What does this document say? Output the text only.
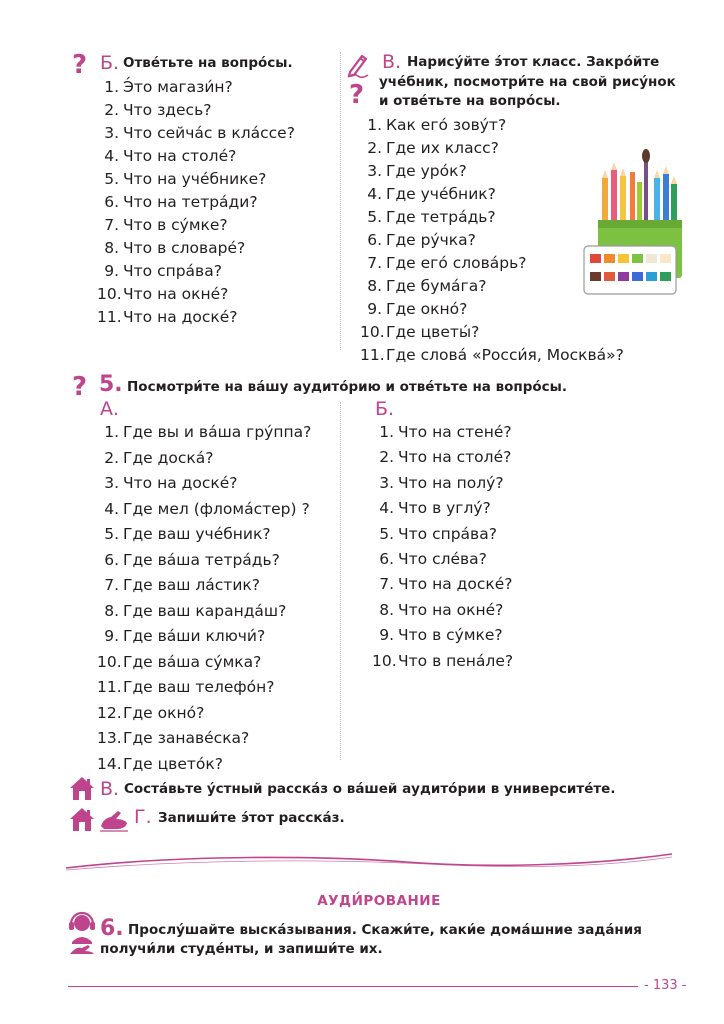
? Б. Отве́тьте на вопро́сы.
1. Э́то магази́н?
2. Что здесь?
3. Что сейча́с в кла́ссе?
4. Что на столе́?
5. Что на уче́бнике?
6. Что на тетра́ди?
7. Что в су́мке?
8. Что в словаре́?
9. Что спра́ва?
10.Что на окне́?
11.Что на доске́?
?
В. Нарису́йте э́тот класс. Закро́йте
уче́бник, посмотри́те на свой рису́нок
и отве́тьте на вопро́сы.
1. Как его́ зову́т?
2. Где их класс?
3. Где уро́к?
4. Где уче́бник?
5. Где тетра́дь?
6. Где ру́чка?
7. Где его́ слова́рь?
8. Где бума́га?
9. Где окно́?
10.Где цветы́?
11.Где слова́ «Росси́я, Москва́»?
? 5. Посмотри́те на ва́шу аудито́рию и отве́тьте на вопро́сы.
А.
1. Где вы и ва́ша гру́ппа?
2. Где доска́?
3. Что на доске́?
4. Где мел (флома́стер) ?
5. Где ваш уче́бник?
6. Где ва́ша тетра́дь?
7. Где ваш ла́стик?
8. Где ваш каранда́ш?
9. Где ва́ши ключи́?
10.Где ва́ша су́мка?
11.Где ваш телефо́н?
12.Где окно́?
13.Где занаве́ска?
14.Где цвето́к?
Б.
1. Что на стене́?
2. Что на столе́?
3. Что на полу́?
4. Что в углу́?
5. Что спра́ва?
6. Что сле́ва?
7. Что на доске́?
8. Что на окне́?
9. Что в су́мке?
10.Что в пена́ле?
В. Соста́вьте у́стный расска́з о ва́шей аудито́рии в университе́те.
Г. Запиши́те э́тот расска́з.
АУДИ́РОВАНИЕ
6. Прослу́шайте выска́зывания. Скажи́те, каки́е дома́шние зада́ния
получи́ли студе́нты, и запиши́те их.
- 133 -
